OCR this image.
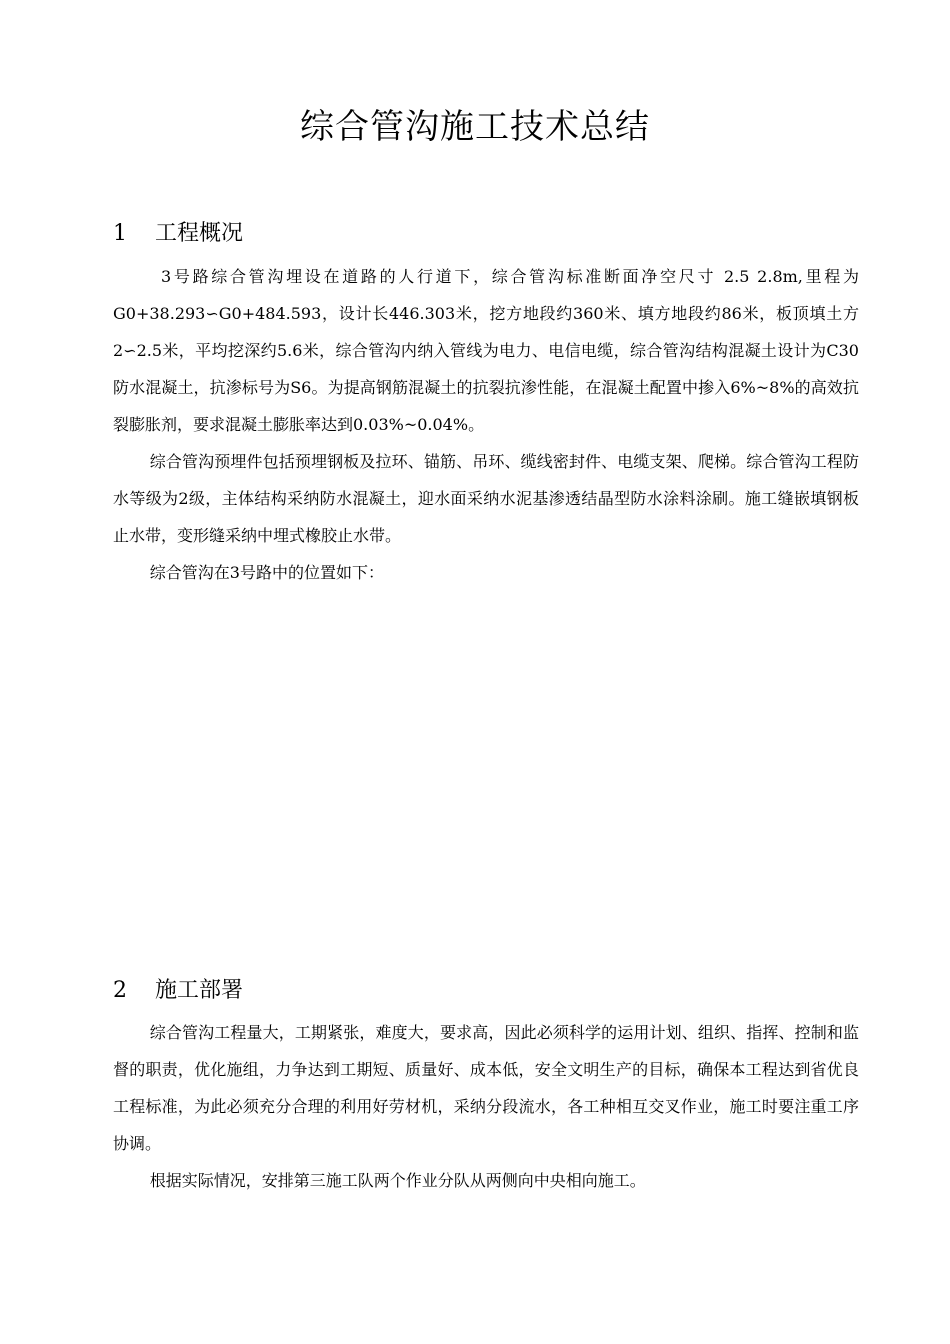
综合管沟施工技术总结
1 工程概况

3号路综合管沟埋设在道路的人行道下，综合管沟标准断面净空尺寸 2.5 2.8m,里程为G0+38.293∽G0+484.593，设计长446.303米，挖方地段约360米、填方地段约86米，板顶填土方2∽2.5米，平均挖深约5.6米，综合管沟内纳入管线为电力、电信电缆，综合管沟结构混凝土设计为C30防水混凝土，抗渗标号为S6。为提高钢筋混凝土的抗裂抗渗性能，在混凝土配置中掺入6%~8%的高效抗裂膨胀剂，要求混凝土膨胀率达到0.03%~0.04%。

综合管沟预埋件包括预埋钢板及拉环、锚筋、吊环、缆线密封件、电缆支架、爬梯。综合管沟工程防水等级为2级，主体结构采纳防水混凝土，迎水面采纳水泥基渗透结晶型防水涂料涂刷。施工缝嵌填钢板止水带，变形缝采纳中埋式橡胶止水带。

综合管沟在3号路中的位置如下：

2 施工部署

综合管沟工程量大，工期紧张，难度大，要求高，因此必须科学的运用计划、组织、指挥、控制和监督的职责，优化施组，力争达到工期短、质量好、成本低，安全文明生产的目标，确保本工程达到省优良工程标准，为此必须充分合理的利用好劳材机，采纳分段流水，各工种相互交叉作业，施工时要注重工序协调。

根据实际情况，安排第三施工队两个作业分队从两侧向中央相向施工。
